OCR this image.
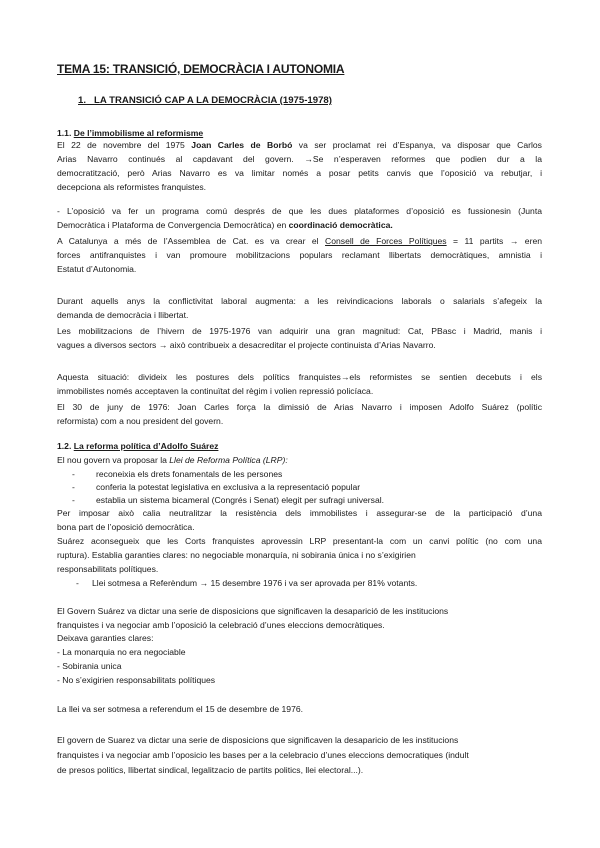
TEMA 15: TRANSICIÓ, DEMOCRÀCIA I AUTONOMIA
1. LA TRANSICIÓ CAP A LA DEMOCRÀCIA (1975-1978)
1.1. De l’immobilisme al reformisme
El 22 de novembre del 1975 Joan Carles de Borbó va ser proclamat rei d’Espanya, va disposar que Carlos
Arias Navarro continués al capdavant del govern. →Se n’esperaven reformes que podien dur a la
democratització, però Arias Navarro es va limitar només a posar petits canvis que l’oposició va rebutjar, i
decepciona als reformistes franquistes.
- L’oposició va fer un programa comú després de que les dues plataformes d’oposició es fussionesin (Junta
Democràtica i Plataforma de Convergencia Democràtica) en coordinació democràtica.
A Catalunya a més de l’Assemblea de Cat. es va crear el Consell de Forces Polítiques = 11 partits → eren
forces antifranquistes i van promoure mobilitzacions populars reclamant llibertats democràtiques, amnistia i
Estatut d’Autonomia.
Durant aquells anys la conflictivitat laboral augmenta: a les reivindicacions laborals o salarials s’afegeix la
demanda de democràcia i llibertat.
Les mobilitzacions de l’hivern de 1975-1976 van adquirir una gran magnitud: Cat, PBasc i Madrid, manis i
vagues a diversos sectors → això contribueix a desacreditar el projecte continuista d’Arias Navarro.
Aquesta situació: divideix les postures dels polítics franquistes→els reformistes se sentien decebuts i els
immobilistes només acceptaven la continuïtat del règim i volien repressió policíaca.
El 30 de juny de 1976: Joan Carles força la dimissió de Arias Navarro i imposen Adolfo Suárez (polític
reformista) com a nou president del govern.
1.2. La reforma política d’Adolfo Suárez
El nou govern va proposar la Llei de Reforma Política (LRP):
- reconeixia els drets fonamentals de les persones
- conferia la potestat legislativa en exclusiva a la representació popular
- establia un sistema bicameral (Congrés i Senat) elegit per sufragi universal.
Per imposar això calia neutralitzar la resistència dels immobilistes i assegurar-se de la participació d’una
bona part de l’oposició democràtica.
Suárez aconsegueix que les Corts franquistes aprovessin LRP presentant-la com un canvi polític (no com una
ruptura). Establia garanties clares: no negociable monarquía, ni sobirania única i no s’exigirien
responsabilitats polítiques.
- Llei sotmesa a Referèndum → 15 desembre 1976 i va ser aprovada per 81% votants.
El Govern Suárez va dictar una serie de disposicions que significaven la desaparició de les institucions
franquistes i va negociar amb l’oposició la celebració d’unes eleccions democràtiques.
Deixava garanties clares:
- La monarquia no era negociable
- Sobirania unica
- No s’exigirien responsabilitats polítiques
La llei va ser sotmesa a referendum el 15 de desembre de 1976.
El govern de Suarez va dictar una serie de disposicions que significaven la desaparicio de les institucions
franquistes i va negociar amb l’oposicio les bases per a la celebracio d’unes eleccions democratiques (indult
de presos politics, llibertat sindical, legalitzacio de partits politics, llei electoral...).
